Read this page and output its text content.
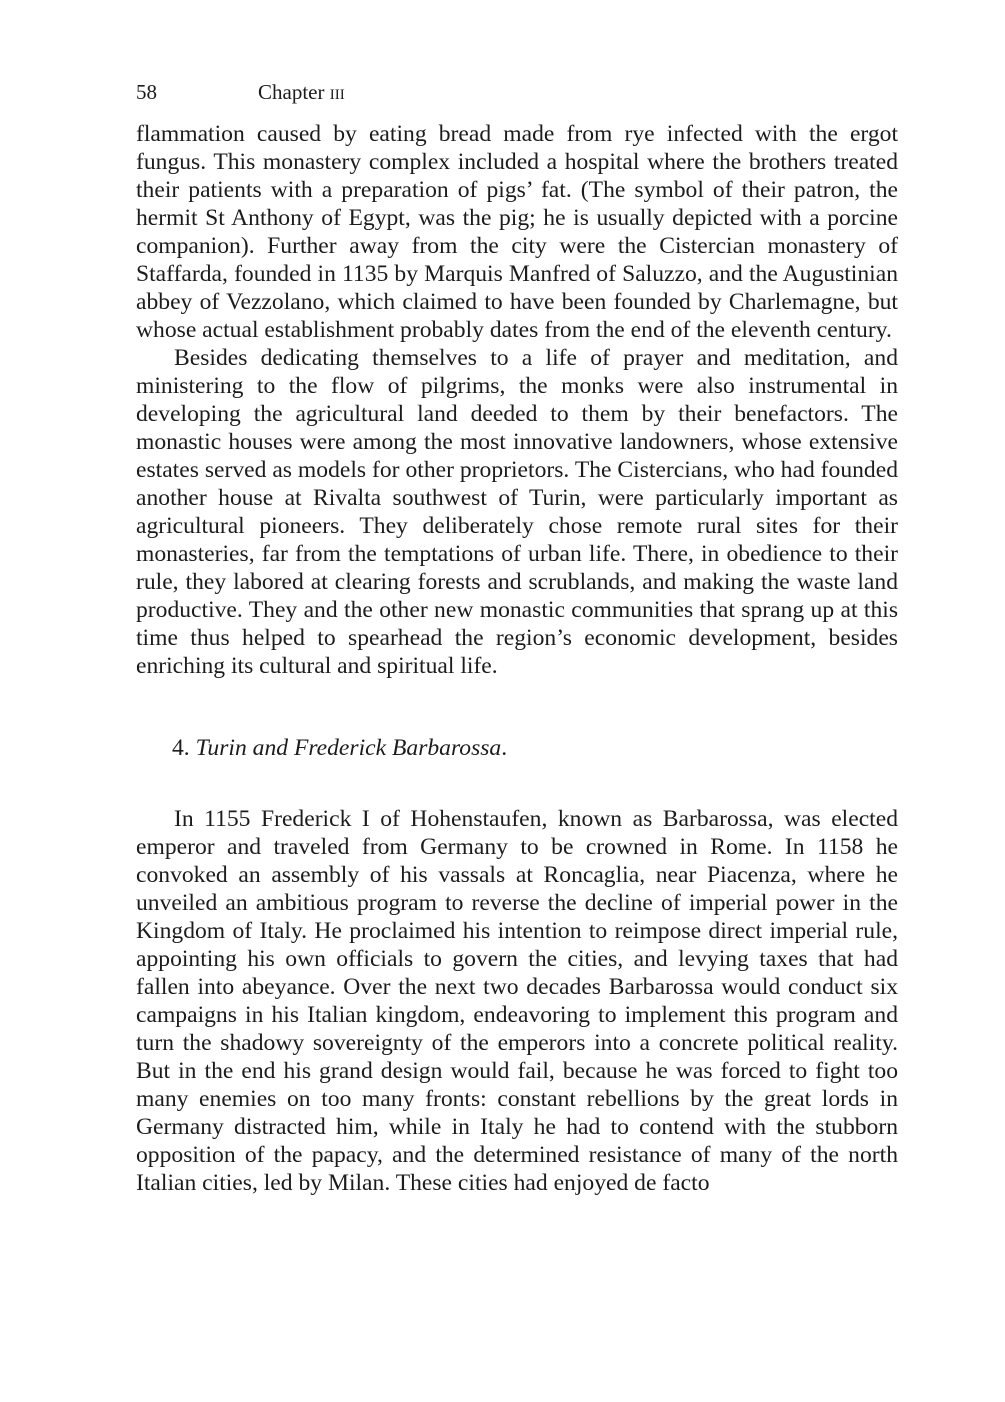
58	Chapter iii

flammation caused by eating bread made from rye infected with the ergot fungus. This monastery complex included a hospital where the brothers treated their patients with a preparation of pigs’ fat. (The symbol of their patron, the hermit St Anthony of Egypt, was the pig; he is usually depicted with a porcine companion). Further away from the city were the Cistercian monastery of Staffarda, founded in 1135 by Marquis Manfred of Saluzzo, and the Augustinian abbey of Vezzolano, which claimed to have been founded by Charlemagne, but whose actual establishment probably dates from the end of the eleventh century.

Besides dedicating themselves to a life of prayer and meditation, and ministering to the flow of pilgrims, the monks were also instrumental in developing the agricultural land deeded to them by their benefactors. The monastic houses were among the most innovative landowners, whose extensive estates served as models for other proprietors. The Cistercians, who had founded another house at Rivalta southwest of Turin, were particularly important as agricultural pioneers. They deliberately chose remote rural sites for their monasteries, far from the temptations of urban life. There, in obedience to their rule, they labored at clearing forests and scrublands, and making the waste land productive. They and the other new monastic communities that sprang up at this time thus helped to spearhead the region’s economic development, besides enriching its cultural and spiritual life.

4. Turin and Frederick Barbarossa.

In 1155 Frederick I of Hohenstaufen, known as Barbarossa, was elected emperor and traveled from Germany to be crowned in Rome. In 1158 he convoked an assembly of his vassals at Roncaglia, near Piacenza, where he unveiled an ambitious program to reverse the decline of imperial power in the Kingdom of Italy. He proclaimed his intention to reimpose direct imperial rule, appointing his own officials to govern the cities, and levying taxes that had fallen into abeyance. Over the next two decades Barbarossa would conduct six campaigns in his Italian kingdom, endeavoring to implement this program and turn the shadowy sovereignty of the emperors into a concrete political reality. But in the end his grand design would fail, because he was forced to fight too many enemies on too many fronts: constant rebellions by the great lords in Germany distracted him, while in Italy he had to contend with the stubborn opposition of the papacy, and the determined resistance of many of the north Italian cities, led by Milan. These cities had enjoyed de facto
